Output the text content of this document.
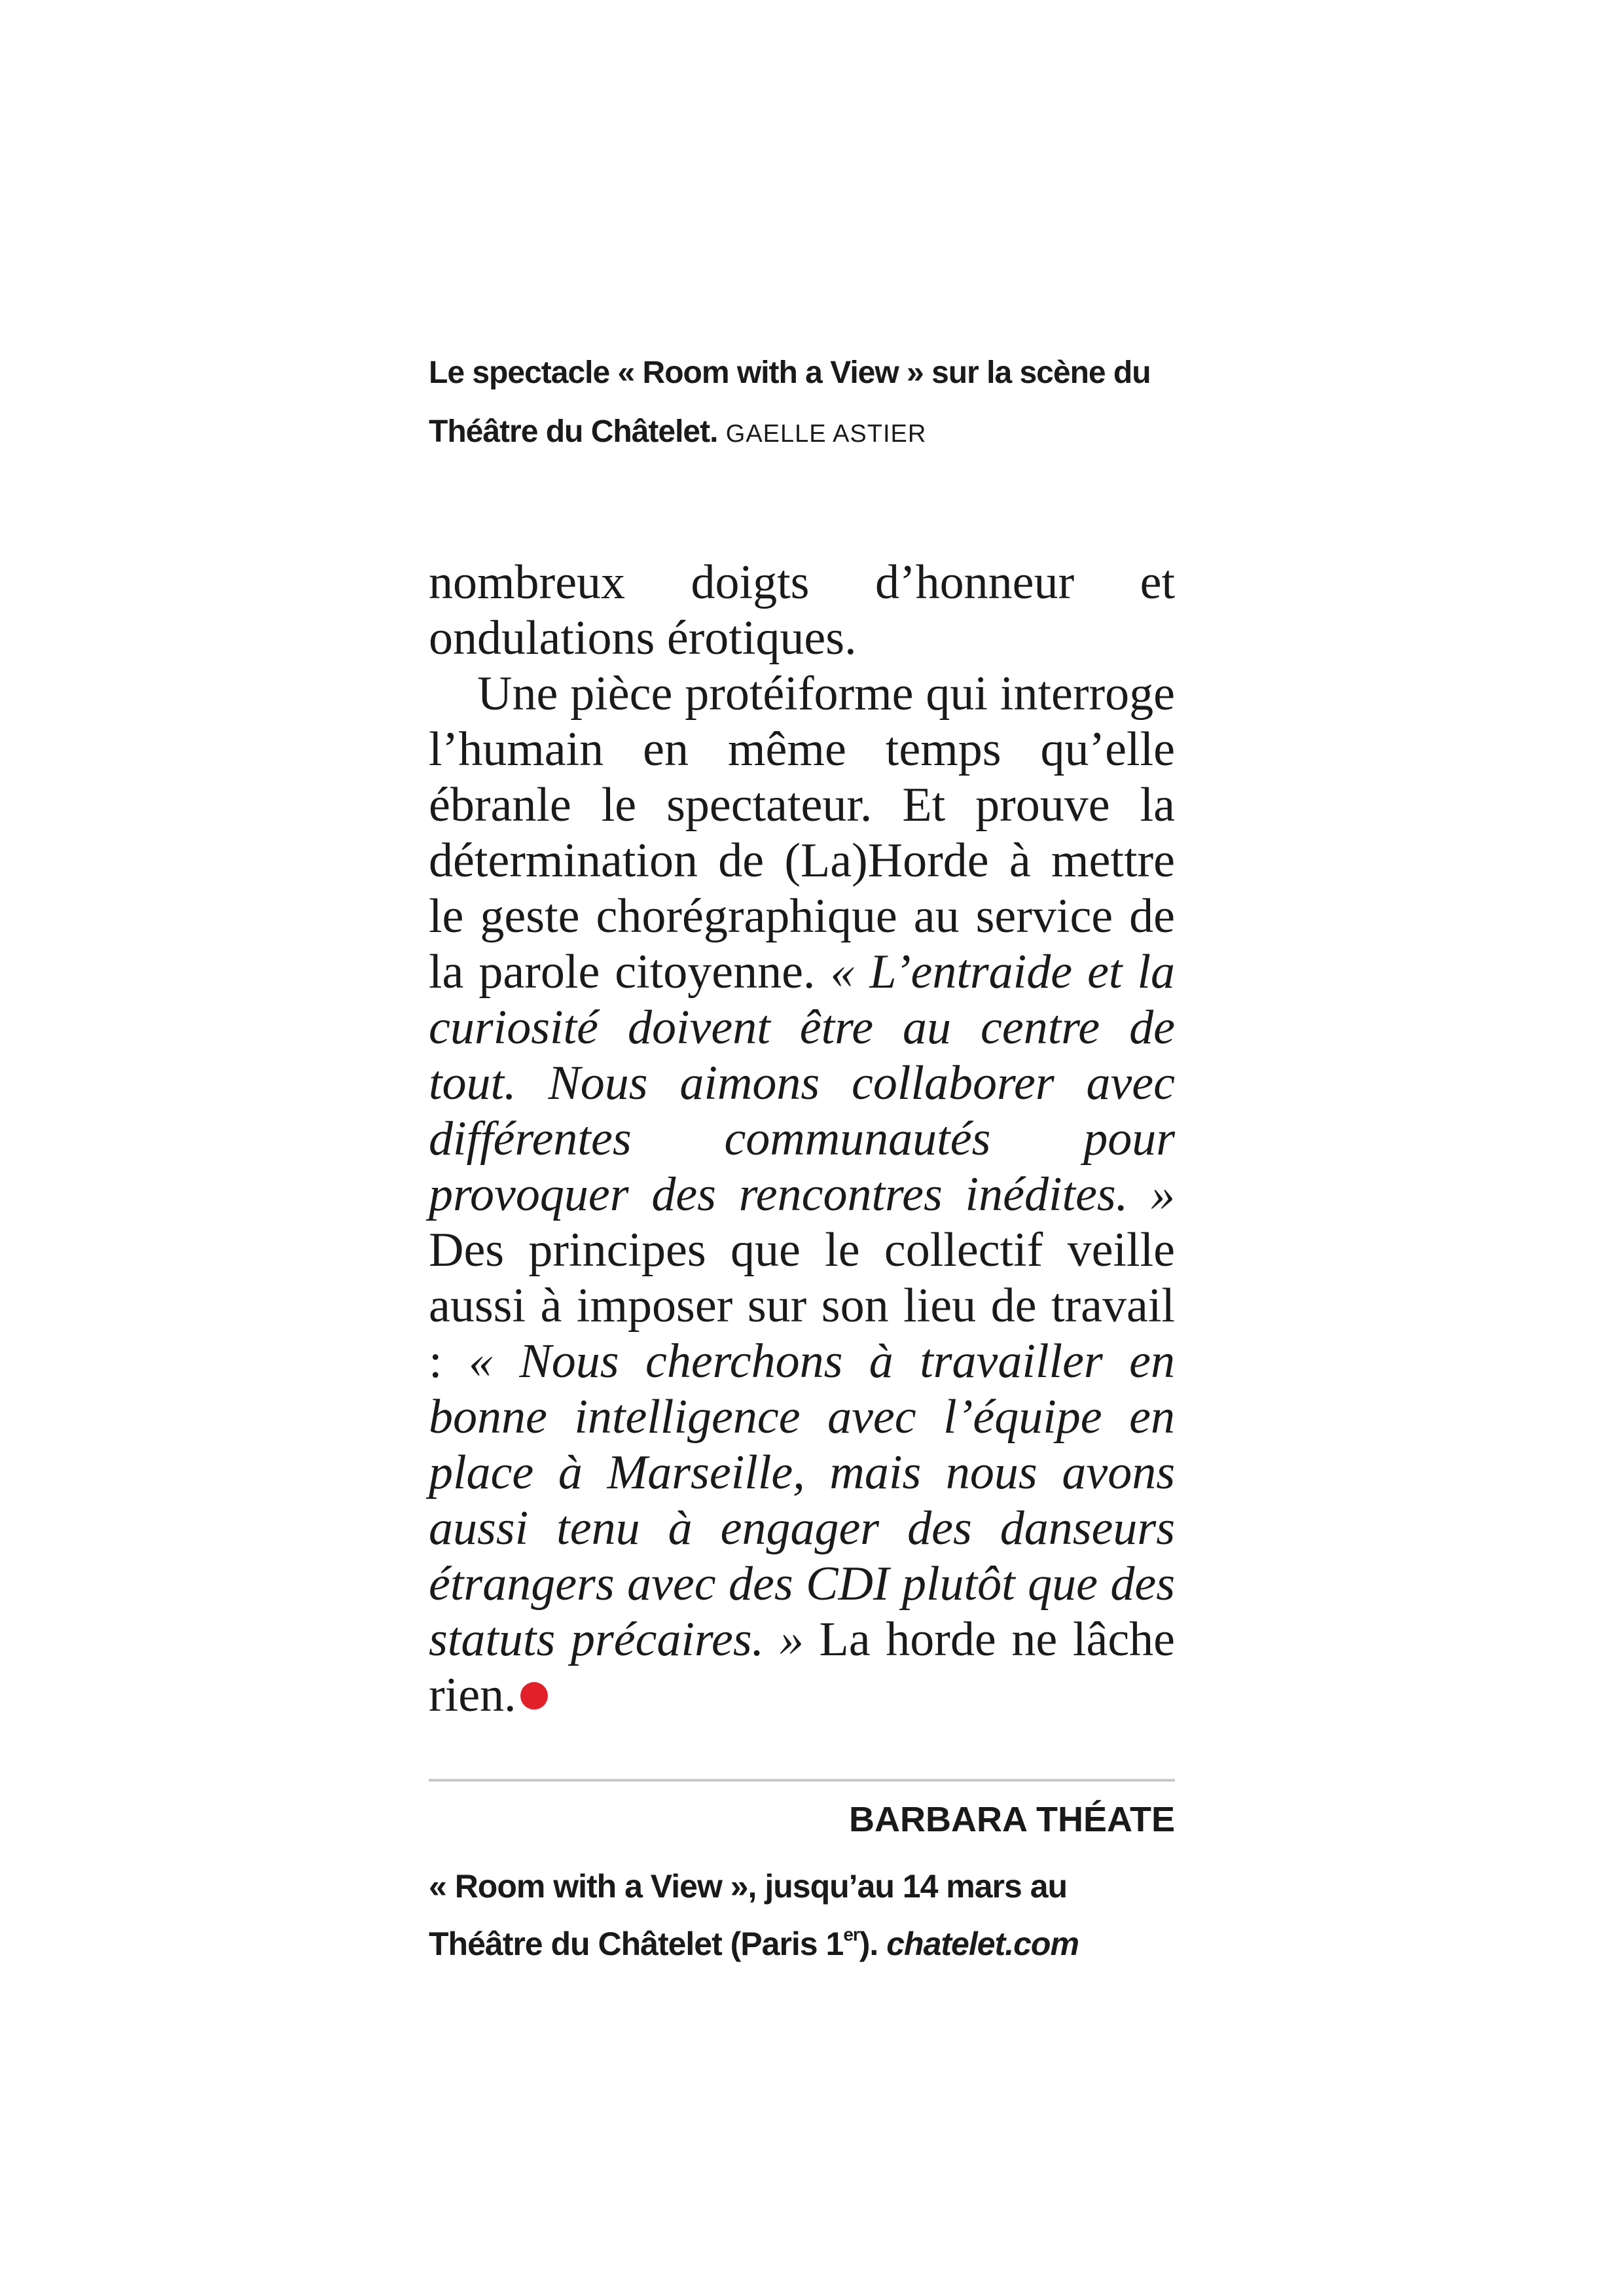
Le spectacle « Room with a View » sur la scène du Théâtre du Châtelet. GAELLE ASTIER

nombreux doigts d’honneur et ondulations érotiques.

Une pièce protéiforme qui interroge l’humain en même temps qu’elle ébranle le spectateur. Et prouve la détermination de (La)Horde à mettre le geste chorégraphique au service de la parole citoyenne. « L’entraide et la curiosité doivent être au centre de tout. Nous aimons collaborer avec différentes communautés pour provoquer des rencontres inédites. » Des principes que le collectif veille aussi à imposer sur son lieu de travail : « Nous cherchons à travailler en bonne intelligence avec l’équipe en place à Marseille, mais nous avons aussi tenu à engager des danseurs étrangers avec des CDI plutôt que des statuts précaires. » La horde ne lâche rien.

BARBARA THÉATE
« Room with a View », jusqu’au 14 mars au Théâtre du Châtelet (Paris 1er). chatelet.com
